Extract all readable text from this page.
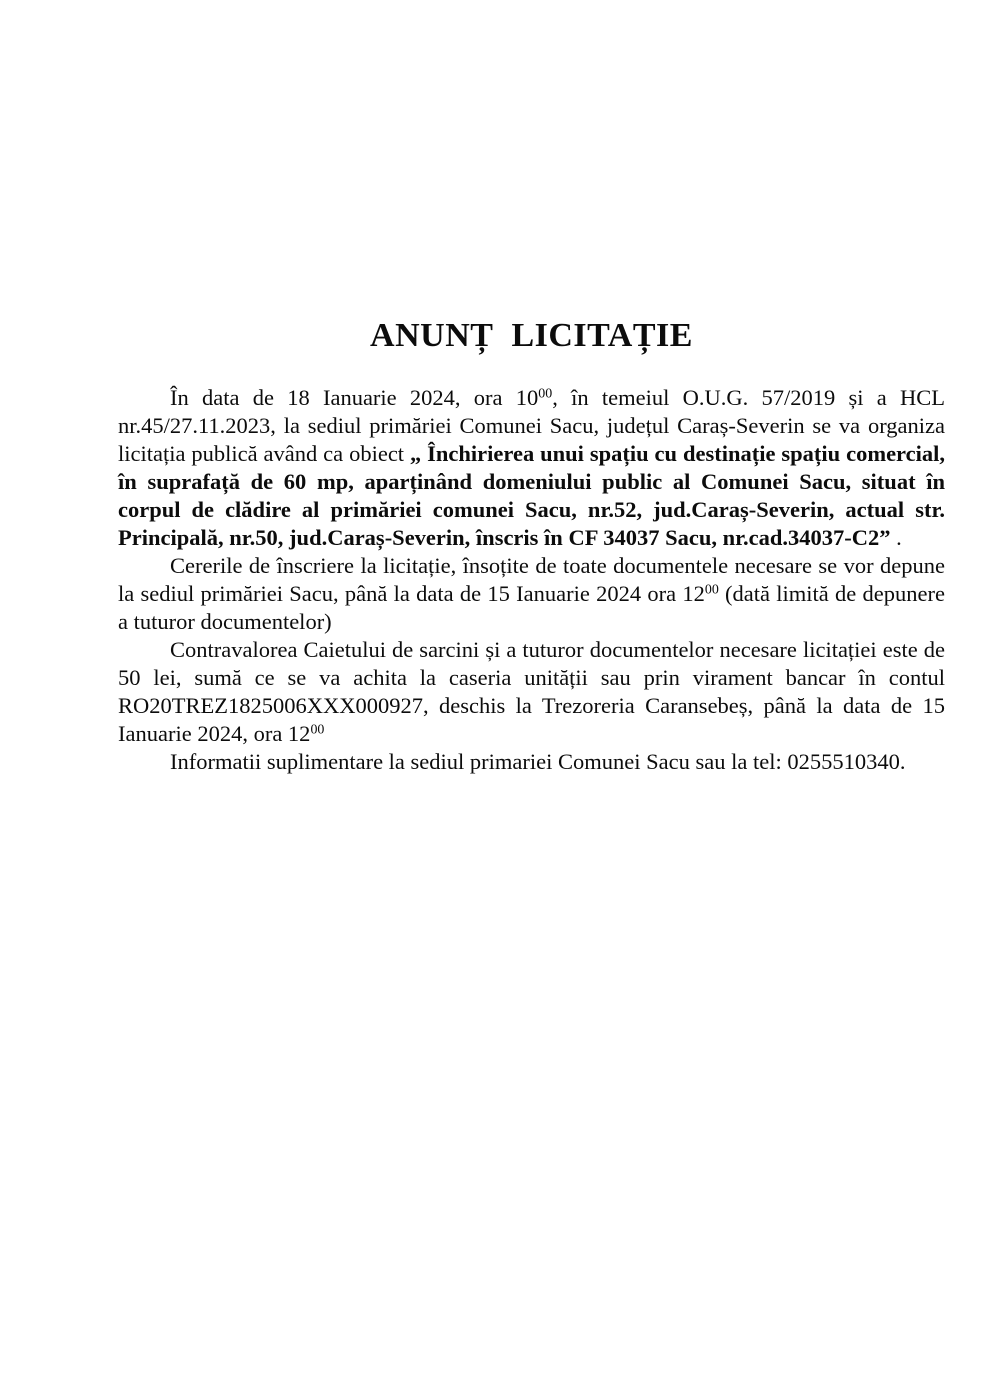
ANUNȚ  LICITAȚIE

În data de 18 Ianuarie 2024, ora $10^{00}$, în temeiul O.U.G. 57/2019 și a HCL nr.45/27.11.2023, la sediul primăriei Comunei Sacu, județul Caraș-Severin se va organiza licitația publică având ca obiect „ Închirierea unui spațiu cu destinație spațiu comercial, în suprafață de 60 mp, aparținând domeniului public al Comunei Sacu, situat în corpul de clădire al primăriei comunei Sacu, nr.52, jud.Caraș-Severin, actual str. Principală, nr.50, jud.Caraș-Severin, înscris în CF 34037 Sacu, nr.cad.34037-C2” .

Cererile de înscriere la licitație, însoțite de toate documentele necesare se vor depune la sediul primăriei Sacu, până la data de 15 Ianuarie 2024 ora $12^{00}$ (dată limită de depunere a tuturor documentelor)

Contravalorea Caietului de sarcini și a tuturor documentelor necesare licitației este de 50 lei, sumă ce se va achita la caseria unității sau prin virament bancar în contul RO20TREZ1825006XXX000927, deschis la Trezoreria Caransebeș, până la data de 15 Ianuarie 2024, ora $12^{00}$

Informatii suplimentare la sediul primariei Comunei Sacu sau la tel: 0255510340.
